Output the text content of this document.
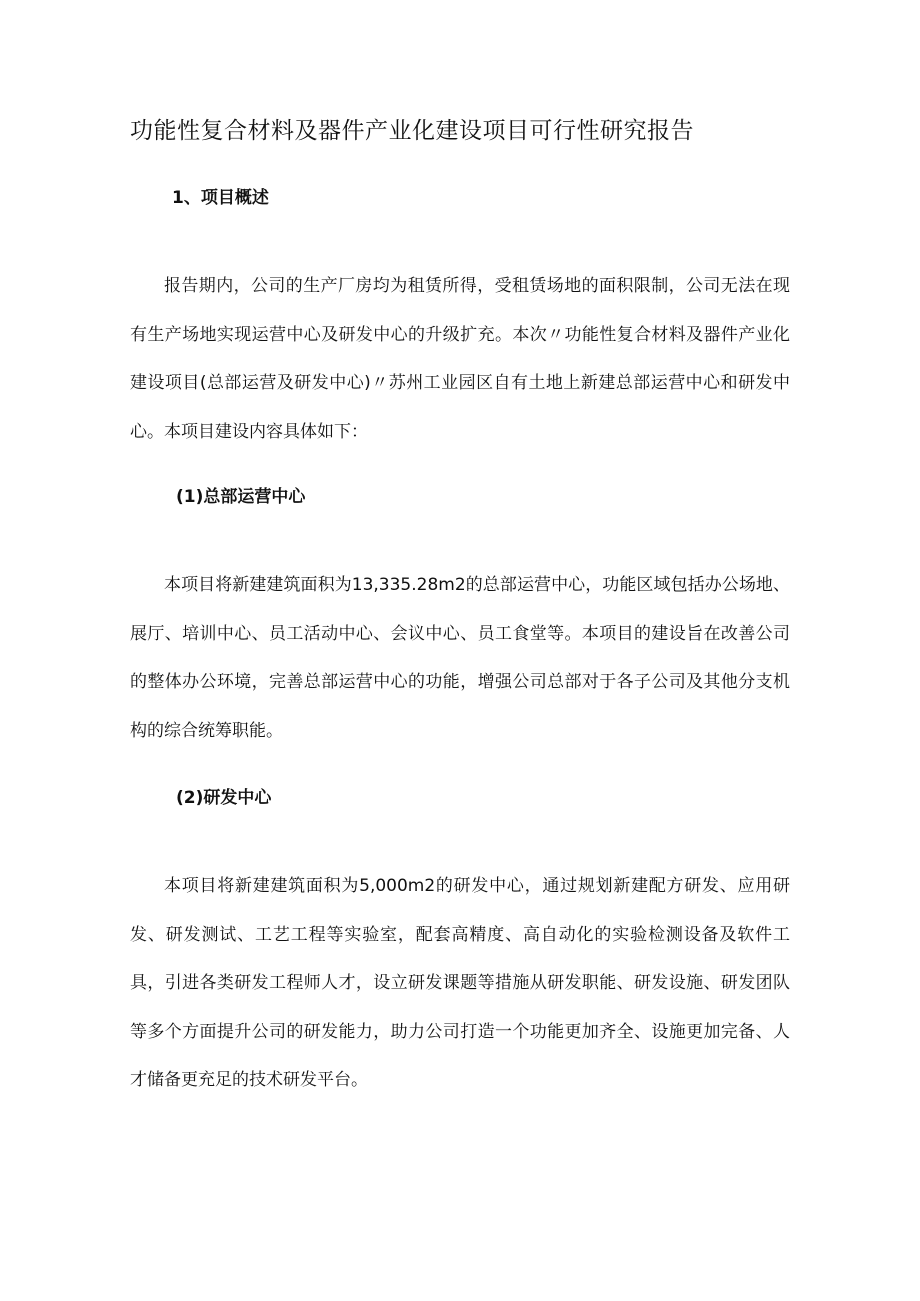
功能性复合材料及器件产业化建设项目可行性研究报告
1、项目概述

报告期内，公司的生产厂房均为租赁所得，受租赁场地的面积限制，公司无法在现有生产场地实现运营中心及研发中心的升级扩充。本次〃功能性复合材料及器件产业化建设项目(总部运营及研发中心)〃苏州工业园区自有土地上新建总部运营中心和研发中心。本项目建设内容具体如下：

(1)总部运营中心

本项目将新建建筑面积为13,335.28m2的总部运营中心，功能区域包括办公场地、展厅、培训中心、员工活动中心、会议中心、员工食堂等。本项目的建设旨在改善公司的整体办公环境，完善总部运营中心的功能，增强公司总部对于各子公司及其他分支机构的综合统筹职能。

(2)研发中心

本项目将新建建筑面积为5,000m2的研发中心，通过规划新建配方研发、应用研发、研发测试、工艺工程等实验室，配套高精度、高自动化的实验检测设备及软件工具，引进各类研发工程师人才，设立研发课题等措施从研发职能、研发设施、研发团队等多个方面提升公司的研发能力，助力公司打造一个功能更加齐全、设施更加完备、人才储备更充足的技术研发平台。
